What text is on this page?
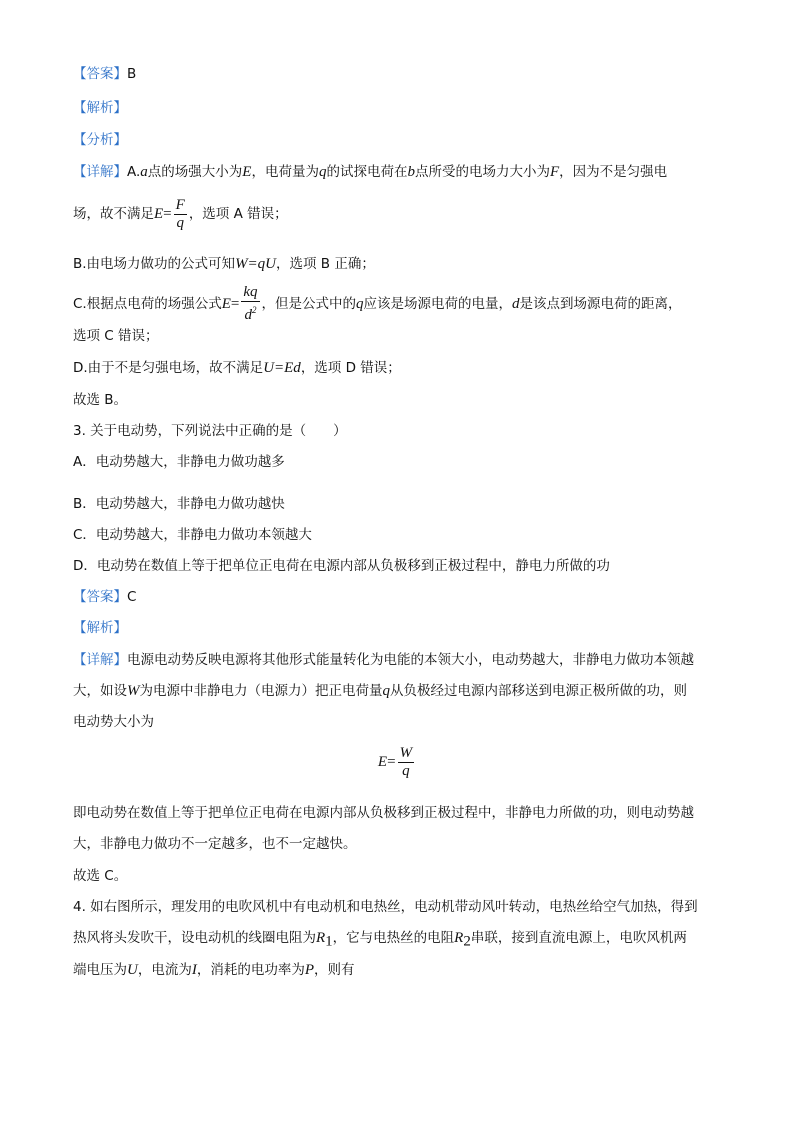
【答案】B
【解析】
【分析】
【详解】A.a点的场强大小为E，电荷量为q的试探电荷在b点所受的电场力大小为F，因为不是匀强电
场，故不满足$E= \frac{F}{q}$ ，选项 A 错误；
B.由电场力做功的公式可知W=qU，选项 B 正确；
C.根据点电荷的场强公式$E= \frac{kq}{d^2}$ ，但是公式中的q应该是场源电荷的电量，d是该点到场源电荷的距离，
选项 C 错误；
D.由于不是匀强电场，故不满足U=Ed，选项 D 错误；
故选 B。
3. 关于电动势，下列说法中正确的是（　　）
A．电动势越大，非静电力做功越多
B．电动势越大，非静电力做功越快
C．电动势越大，非静电力做功本领越大
D．电动势在数值上等于把单位正电荷在电源内部从负极移到正极过程中，静电力所做的功
【答案】C
【解析】
【详解】电源电动势反映电源将其他形式能量转化为电能的本领大小，电动势越大，非静电力做功本领越
大，如设W为电源中非静电力（电源力）把正电荷量q从负极经过电源内部移送到电源正极所做的功，则
电动势大小为
$E= \frac{W}{q}$
即电动势在数值上等于把单位正电荷在电源内部从负极移到正极过程中，非静电力所做的功，则电动势越
大，非静电力做功不一定越多，也不一定越快。
故选 C。
4. 如右图所示，理发用的电吹风机中有电动机和电热丝，电动机带动风叶转动，电热丝给空气加热，得到
热风将头发吹干，设电动机的线圈电阻为$R_1$，它与电热丝的电阻$R_2$串联，接到直流电源上，电吹风机两
端电压为U，电流为I，消耗的电功率为P，则有
